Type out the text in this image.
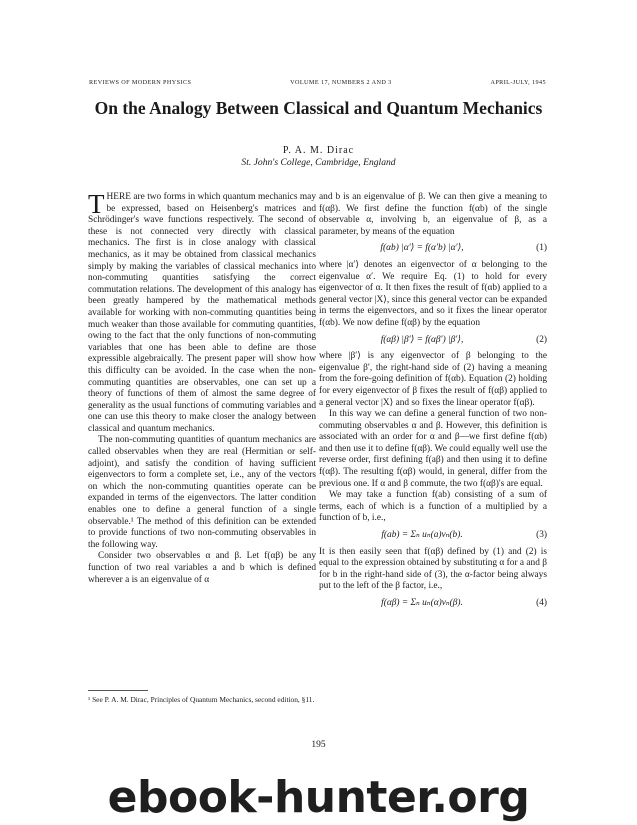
REVIEWS OF MODERN PHYSICS	VOLUME 17, NUMBERS 2 AND 3	APRIL-JULY, 1945
On the Analogy Between Classical and Quantum Mechanics
P. A. M. Dirac
St. John's College, Cambridge, England

THERE are two forms in which quantum mechanics may be expressed, based on Heisenberg's matrices and Schrödinger's wave functions respectively. The second of these is not connected very directly with classical mechanics. The first is in close analogy with classical mechanics, as it may be obtained from classical mechanics simply by making the variables of classical mechanics into non-commuting quantities satisfying the correct commutation relations. The development of this analogy has been greatly hampered by the mathematical methods available for working with non-commuting quantities being much weaker than those available for commuting quantities, owing to the fact that the only functions of non-commuting variables that one has been able to define are those expressible algebraically. The present paper will show how this difficulty can be avoided. In the case when the non-commuting quantities are observables, one can set up a theory of functions of them of almost the same degree of generality as the usual functions of commuting variables and one can use this theory to make closer the analogy between classical and quantum mechanics.

The non-commuting quantities of quantum mechanics are called observables when they are real (Hermitian or self-adjoint), and satisfy the condition of having sufficient eigenvectors to form a complete set, i.e., any of the vectors on which the non-commuting quantities operate can be expanded in terms of the eigenvectors. The latter condition enables one to define a general function of a single observable.¹ The method of this definition can be extended to provide functions of two non-commuting observables in the following way.

Consider two observables α and β. Let f(αβ) be any function of two real variables a and b which is defined wherever a is an eigenvalue of α

and b is an eigenvalue of β. We can then give a meaning to f(αβ). We first define the function f(αb) of the single observable α, involving b, an eigenvalue of β, as a parameter, by means of the equation

f(αb) |α′⟩ = f(α′b) |α′⟩,	(1)

where |α′⟩ denotes an eigenvector of α belonging to the eigenvalue α′. We require Eq. (1) to hold for every eigenvector of α. It then fixes the result of f(αb) applied to a general vector |X⟩, since this general vector can be expanded in terms the eigenvectors, and so it fixes the linear operator f(αb). We now define f(αβ) by the equation

f(αβ) |β′⟩ = f(αβ′) |β′⟩,	(2)

where |β′⟩ is any eigenvector of β belonging to the eigenvalue β′, the right-hand side of (2) having a meaning from the fore-going definition of f(αb). Equation (2) holding for every eigenvector of β fixes the result of f(αβ) applied to a general vector |X⟩ and so fixes the linear operator f(αβ).

In this way we can define a general function of two non-commuting observables α and β. However, this definition is associated with an order for α and β—we first define f(αb) and then use it to define f(αβ). We could equally well use the reverse order, first defining f(aβ) and then using it to define f(αβ). The resulting f(αβ) would, in general, differ from the previous one. If α and β commute, the two f(αβ)'s are equal.

We may take a function f(ab) consisting of a sum of terms, each of which is a function of a multiplied by a function of b, i.e.,

f(ab) = Σₙ uₙ(a)vₙ(b).	(3)

It is then easily seen that f(αβ) defined by (1) and (2) is equal to the expression obtained by substituting α for a and β for b in the right-hand side of (3), the α-factor being always put to the left of the β factor, i.e.,

f(αβ) = Σₙ uₙ(α)vₙ(β).	(4)
¹ See P. A. M. Dirac, Principles of Quantum Mechanics, second edition, §11.
195
ebook-hunter.org
